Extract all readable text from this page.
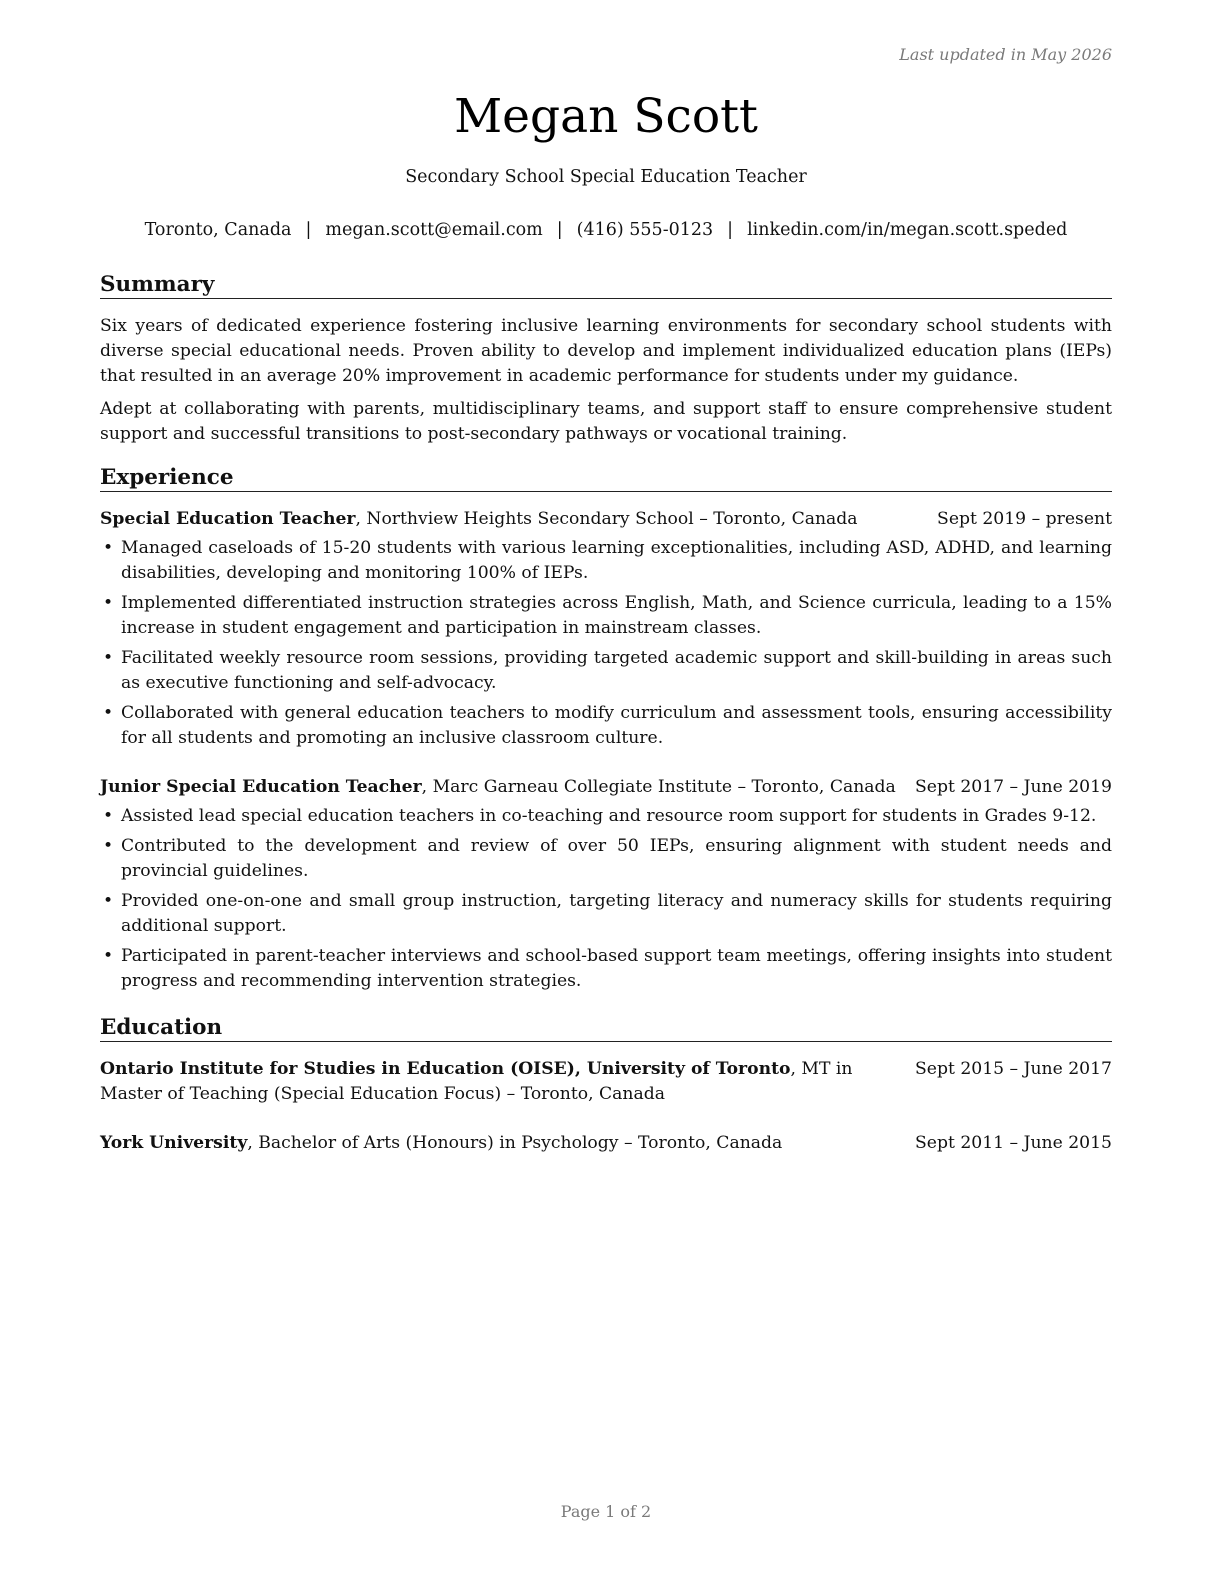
Last updated in May 2026
Megan Scott
Secondary School Special Education Teacher
Toronto, Canada | megan.scott@email.com | (416) 555-0123 | linkedin.com/in/megan.scott.speded
Summary

Six years of dedicated experience fostering inclusive learning environments for secondary school students with diverse special educational needs. Proven ability to develop and implement individualized education plans (IEPs) that resulted in an average 20% improvement in academic performance for students under my guidance.

Adept at collaborating with parents, multidisciplinary teams, and support staff to ensure comprehensive student support and successful transitions to post-secondary pathways or vocational training.

Experience
Special Education Teacher, Northview Heights Secondary School – Toronto, Canada	Sept 2019 – present
• Managed caseloads of 15-20 students with various learning exceptionalities, including ASD, ADHD, and learning disabilities, developing and monitoring 100% of IEPs.
• Implemented differentiated instruction strategies across English, Math, and Science curricula, leading to a 15% increase in student engagement and participation in mainstream classes.
• Facilitated weekly resource room sessions, providing targeted academic support and skill-building in areas such as executive functioning and self-advocacy.
• Collaborated with general education teachers to modify curriculum and assessment tools, ensuring accessibility for all students and promoting an inclusive classroom culture.
Junior Special Education Teacher, Marc Garneau Collegiate Institute – Toronto, Canada Sept 2017 – June 2019
• Assisted lead special education teachers in co-teaching and resource room support for students in Grades 9-12.
• Contributed to the development and review of over 50 IEPs, ensuring alignment with student needs and provincial guidelines.
• Provided one-on-one and small group instruction, targeting literacy and numeracy skills for students requiring additional support.
• Participated in parent-teacher interviews and school-based support team meetings, offering insights into student progress and recommending intervention strategies.
Education
Ontario Institute for Studies in Education (OISE), University of Toronto, MT in Master of Teaching (Special Education Focus) – Toronto, Canada
Sept 2015 – June 2017
York University, Bachelor of Arts (Honours) in Psychology – Toronto, Canada	Sept 2011 – June 2015
Page 1 of 2
